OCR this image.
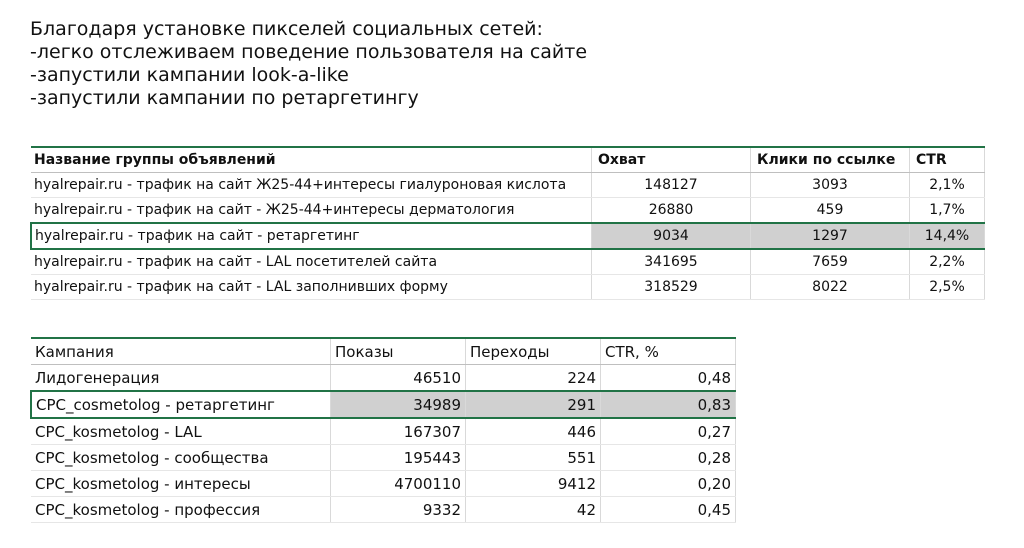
Благодаря установке пикселей социальных сетей:
-легко отслеживаем поведение пользователя на сайте
-запустили кампании look-a-like
-запустили кампании по ретаргетингу
Название группы объявлений	Охват	Клики по ссылке	CTR
hyalrepair.ru - трафик на сайт Ж25-44+интересы гиалуроновая кислота	148127	3093	2,1%
hyalrepair.ru - трафик на сайт - Ж25-44+интересы дерматология	26880	459	1,7%
hyalrepair.ru - трафик на сайт - ретаргетинг	9034	1297	14,4%
hyalrepair.ru - трафик на сайт - LAL посетителей сайта	341695	7659	2,2%
hyalrepair.ru - трафик на сайт - LAL заполнивших форму	318529	8022	2,5%
Кампания	Показы	Переходы	CTR, %
Лидогенерация	46510	224	0,48
CPC_cosmetolog - ретаргетинг	34989	291	0,83
CPC_kosmetolog - LAL	167307	446	0,27
CPC_kosmetolog - сообщества	195443	551	0,28
CPC_kosmetolog - интересы	4700110	9412	0,20
CPC_kosmetolog - профессия	9332	42	0,45
